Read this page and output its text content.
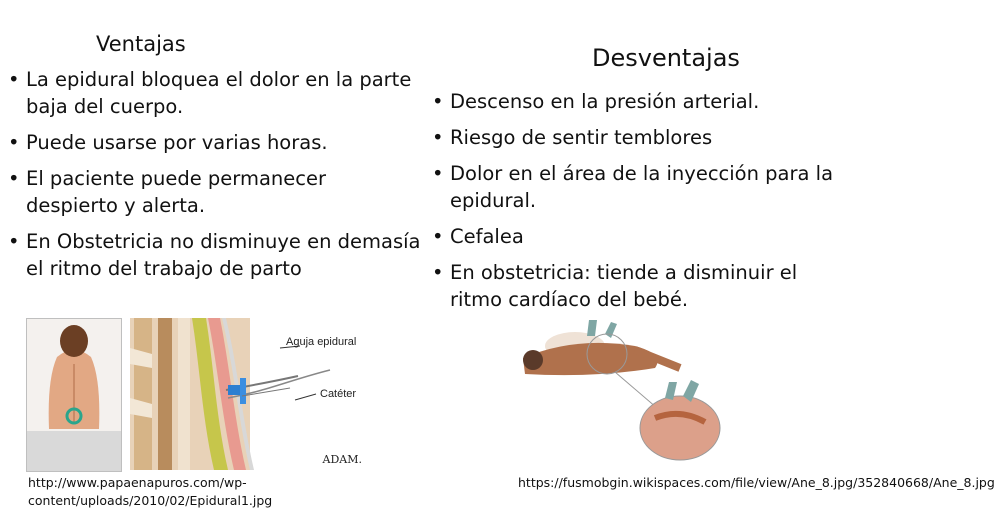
Ventajas
• La epidural bloquea el dolor en la parte baja del cuerpo.
• Puede usarse por varias horas.
• El paciente puede permanecer despierto y alerta.
• En Obstetricia no disminuye en demasía el ritmo del trabajo de parto
Desventajas
• Descenso en la presión arterial.
• Riesgo de sentir temblores
• Dolor en el área de la inyección para la epidural.
• Cefalea
• En obstetricia: tiende a disminuir el ritmo cardíaco del bebé.
Aguja epidural
Catéter
ADAM.
http://www.papaenapuros.com/wp-content/uploads/2010/02/Epidural1.jpg
https://fusmobgin.wikispaces.com/file/view/Ane_8.jpg/352840668/Ane_8.jpg
